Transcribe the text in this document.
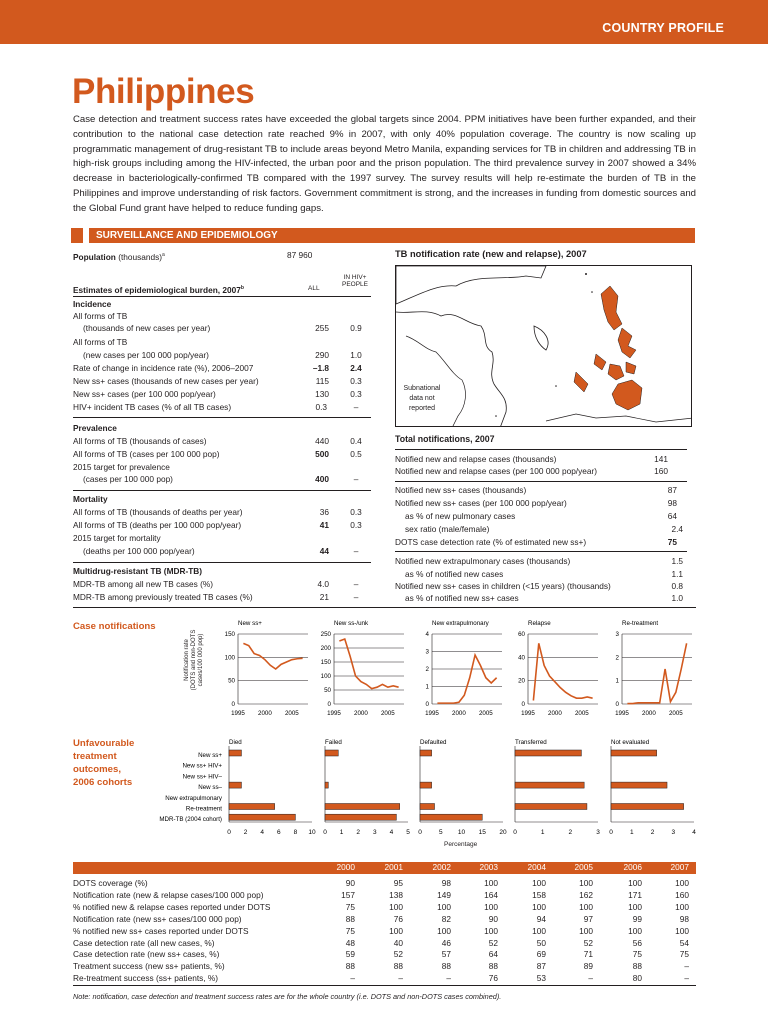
COUNTRY PROFILE
Philippines
Case detection and treatment success rates have exceeded the global targets since 2004. PPM initiatives have been further expanded, and their contribution to the national case detection rate reached 9% in 2007, with only 40% population coverage. The country is now scaling up programmatic management of drug-resistant TB to include areas beyond Metro Manila, expanding services for TB in children and addressing TB in high-risk groups including among the HIV-infected, the urban poor and the prison population. The third prevalence survey in 2007 showed a 34% decrease in bacteriologically-confirmed TB compared with the 1997 survey. The survey results will help re-estimate the burden of TB in the Philippines and improve understanding of risk factors. Government commitment is strong, and the increases in funding from domestic sources and the Global Fund grant have helped to reduce funding gaps.
SURVEILLANCE AND EPIDEMIOLOGY
Population (thousands)$^a$	87 960
IN HIV+
PEOPLE
Estimates of epidemiological burden, 2007$^b$	ALL
Incidence
All forms of TB
(thousands of new cases per year)	255	0.9
All forms of TB
(new cases per 100 000 pop/year)	290	1.0
Rate of change in incidence rate (%), 2006–2007	–1.8	2.4
New ss+ cases (thousands of new cases per year)	115	0.3
New ss+ cases (per 100 000 pop/year)	130	0.3
HIV+ incident TB cases (% of all TB cases)	0.3	–
Prevalence
All forms of TB (thousands of cases)	440	0.4
All forms of TB (cases per 100 000 pop)	500	0.5
2015 target for prevalence
(cases per 100 000 pop)	400	–
Mortality
All forms of TB (thousands of deaths per year)	36	0.3
All forms of TB (deaths per 100 000 pop/year)	41	0.3
2015 target for mortality
(deaths per 100 000 pop/year)	44	–
Multidrug-resistant TB (MDR-TB)
MDR-TB among all new TB cases (%)	4.0	–
MDR-TB among previously treated TB cases (%)	21	–
TB notification rate (new and relapse), 2007
Subnational
data not
reported
Total notifications, 2007
Notified new and relapse cases (thousands)	141
Notified new and relapse cases (per 100 000 pop/year)	160
Notified new ss+ cases (thousands)	87
Notified new ss+ cases (per 100 000 pop/year)	98
as % of new pulmonary cases	64
sex ratio (male/female)	2.4
DOTS case detection rate (% of estimated new ss+)	75
Notified new extrapulmonary cases (thousands)	1.5
as % of notified new cases	1.1
Notified new ss+ cases in children (<15 years) (thousands)	0.8
as % of notified new ss+ cases	1.0
Case notifications
Notification rate (DOTS and non-DOTS cases/100 000 pop)
New ss+
0
50
100
150
1995 2000 2005
New ss-/unk
0
50
100
150
200
250
1995 2000 2005
New extrapulmonary
0
1
2
3
4
1995 2000 2005
Relapse
0
20
40
60
1995 2000 2005
Re-treatment
0
1
2
3
1995 2000 2005
Unfavourable
treatment
outcomes,
2006 cohorts
New ss+
New ss+ HIV+
New ss+ HIV–
New ss–
New extrapulmonary
Re-treatment
MDR-TB (2004 cohort)
Died
0 2 4 6 8 10
Failed
0 1 2 3 4 5
Defaulted
0	5 10 15 20
Transferred
0	1	2	3
Not evaluated
0	1	2	3	4
Percentage
2000	2001	2002	2003	2004	2005	2006	2007
DOTS coverage (%)	90	95	98	100	100	100	100	100
Notification rate (new & relapse cases/100 000 pop)	157	138	149	164	158	162	171	160
% notified new & relapse cases reported under DOTS	75	100	100	100	100	100	100	100
Notification rate (new ss+ cases/100 000 pop)	88	76	82	90	94	97	99	98
% notified new ss+ cases reported under DOTS	75	100	100	100	100	100	100	100
Case detection rate (all new cases, %)	48	40	46	52	50	52	56	54
Case detection rate (new ss+ cases, %)	59	52	57	64	69	71	75	75
Treatment success (new ss+ patients, %)	88	88	88	88	87	89	88	–
Re-treatment success (ss+ patients, %)	–	–	–	76	53	–	80	–
Note: notification, case detection and treatment success rates are for the whole country (i.e. DOTS and non-DOTS cases combined).
